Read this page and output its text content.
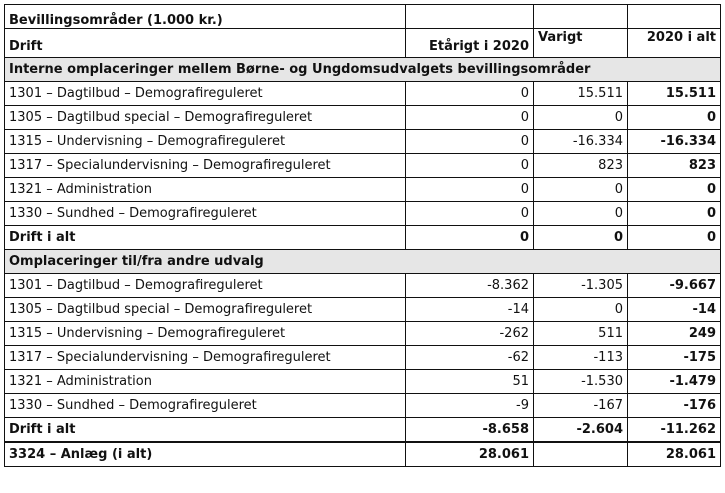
Bevillingsområder (1.000 kr.)			
Drift	Etårigt i 2020	Varigt	2020 i alt
Interne omplaceringer mellem Børne- og Ungdomsudvalgets bevillingsområder			
1301 – Dagtilbud – Demografireguleret	0	15.511	15.511
1305 – Dagtilbud special – Demografireguleret	0	0	0
1315 – Undervisning – Demografireguleret	0	-16.334	-16.334
1317 – Specialundervisning – Demografireguleret	0	823	823
1321 – Administration	0	0	0
1330 – Sundhed – Demografireguleret	0	0	0
Drift i alt	0	0	0
Omplaceringer til/fra andre udvalg			
1301 – Dagtilbud – Demografireguleret	-8.362	-1.305	-9.667
1305 – Dagtilbud special – Demografireguleret	-14	0	-14
1315 – Undervisning – Demografireguleret	-262	511	249
1317 – Specialundervisning – Demografireguleret	-62	-113	-175
1321 – Administration	51	-1.530	-1.479
1330 – Sundhed – Demografireguleret	-9	-167	-176
Drift i alt	-8.658	-2.604	-11.262
3324 – Anlæg (i alt)	28.061		28.061
